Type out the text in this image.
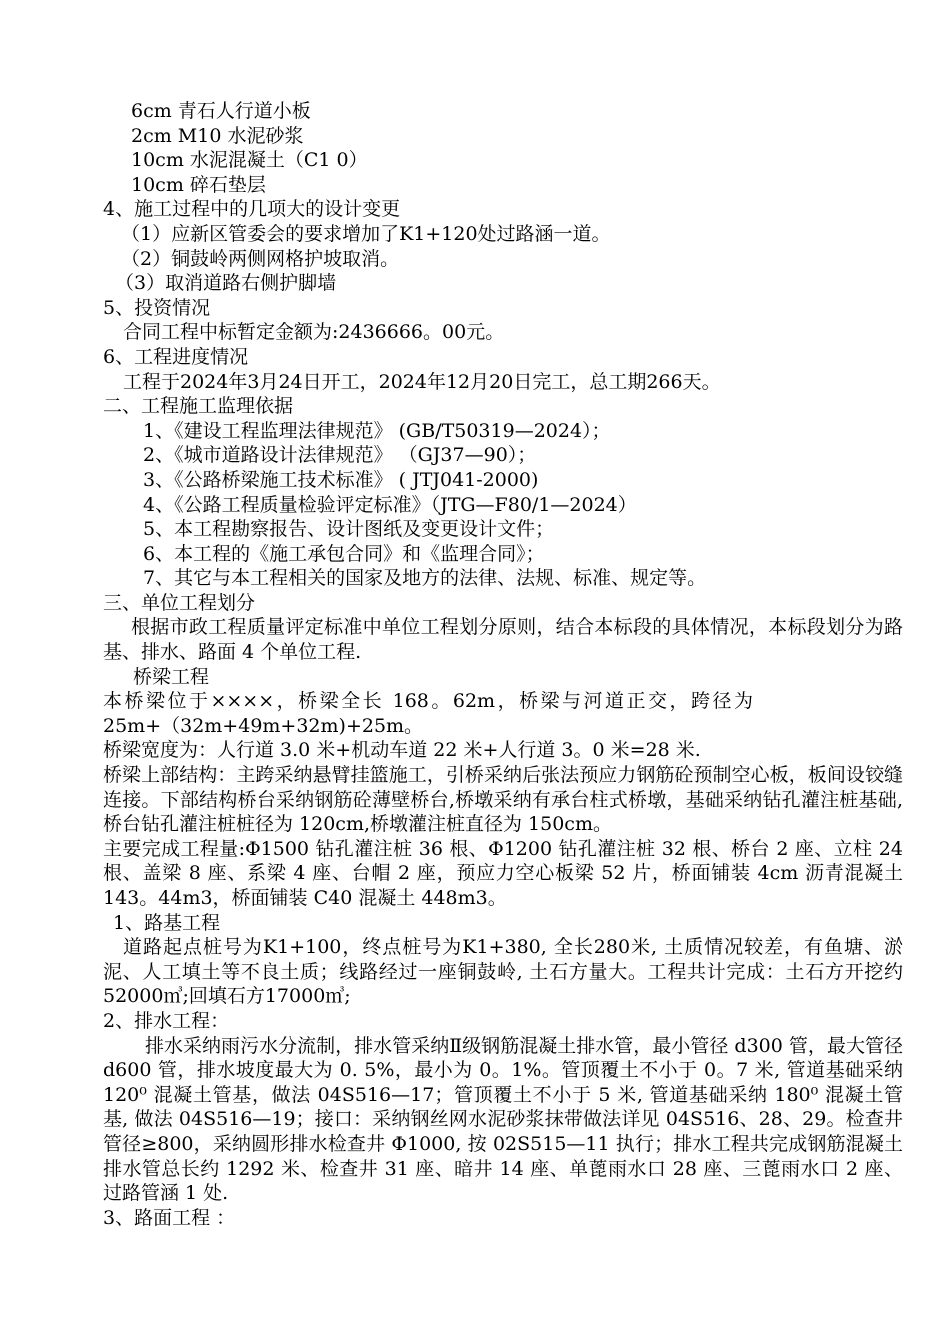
6cm 青石人行道小板
2cm M10 水泥砂浆
10cm 水泥混凝土（C1 0）
10cm 碎石垫层
4、施工过程中的几项大的设计变更
（1）应新区管委会的要求增加了K1+120处过路涵一道。
（2）铜鼓岭两侧网格护坡取消。
（3）取消道路右侧护脚墙
5、投资情况
合同工程中标暂定金额为:2436666。00元。
6、工程进度情况
工程于2024年3月24日开工，2024年12月20日完工，总工期266天。
二、工程施工监理依据
1、《建设工程监理法律规范》 (GB/T50319—2024）；
2、《城市道路设计法律规范》 （GJ37—90）；
3、《公路桥梁施工技术标准》 ( JTJ041-2000)
4、《公路工程质量检验评定标准》（JTG—F80/1—2024）
5、本工程勘察报告、设计图纸及变更设计文件；
6、本工程的《施工承包合同》和《监理合同》；
7、其它与本工程相关的国家及地方的法律、法规、标准、规定等。
三、单位工程划分
根据市政工程质量评定标准中单位工程划分原则，结合本标段的具体情况，本标段划分为路基、排水、路面 4 个单位工程.
桥梁工程
本桥梁位于××××，桥梁全长 168。62m，桥梁与河道正交，跨径为 25m+（32m+49m+32m)+25m。
桥梁宽度为：人行道 3.0 米+机动车道 22 米+人行道 3。0 米=28 米.
桥梁上部结构：主跨采纳悬臂挂篮施工，引桥采纳后张法预应力钢筋砼预制空心板，板间设铰缝连接。下部结构桥台采纳钢筋砼薄壁桥台,桥墩采纳有承台柱式桥墩，基础采纳钻孔灌注桩基础,桥台钻孔灌注桩桩径为 120cm,桥墩灌注桩直径为 150cm。
主要完成工程量:Φ1500 钻孔灌注桩 36 根、Φ1200 钻孔灌注桩 32 根、桥台 2 座、立柱 24 根、盖梁 8 座、系梁 4 座、台帽 2 座，预应力空心板梁 52 片，桥面铺装 4cm 沥青混凝土 143。44m3，桥面铺装 C40 混凝土 448m3。
1、路基工程
道路起点桩号为K1+100，终点桩号为K1+380, 全长280米, 土质情况较差，有鱼塘、淤泥、人工填土等不良土质；线路经过一座铜鼓岭, 土石方量大。工程共计完成：土石方开挖约52000㎥;回填石方17000㎥;
2、排水工程：
排水采纳雨污水分流制，排水管采纳Ⅱ级钢筋混凝土排水管，最小管径 d300 管，最大管径 d600 管，排水坡度最大为 0. 5%，最小为 0。1%。管顶覆土不小于 0。7 米, 管道基础采纳 120⁰ 混凝土管基，做法 04S516—17；管顶覆土不小于 5 米, 管道基础采纳 180⁰ 混凝土管基, 做法 04S516—19；接口：采纳钢丝网水泥砂浆抹带做法详见 04S516、28、29。检查井管径≥800，采纳圆形排水检查井 Φ1000, 按 02S515—11 执行；排水工程共完成钢筋混凝土排水管总长约 1292 米、检查井 31 座、暗井 14 座、单蓖雨水口 28 座、三蓖雨水口 2 座、过路管涵 1 处.
3、路面工程 ：
